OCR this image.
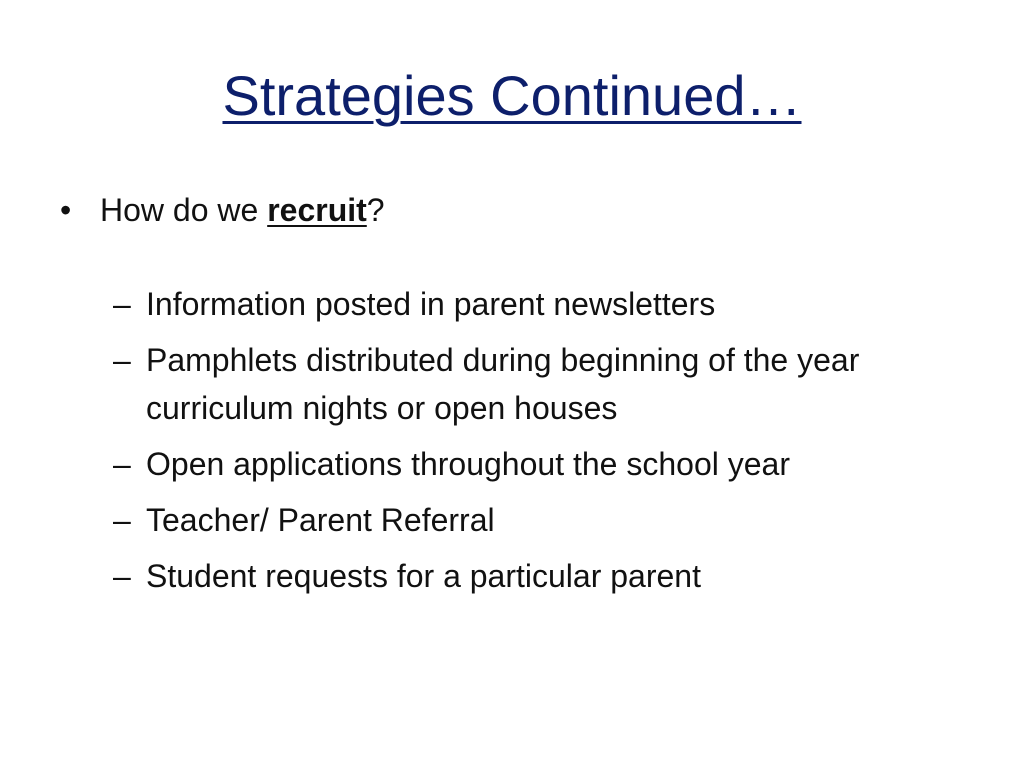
Strategies Continued…
• How do we recruit?
– Information posted in parent newsletters
– Pamphlets distributed during beginning of the year curriculum nights or open houses
– Open applications throughout the school year
– Teacher/ Parent Referral
– Student requests for a particular parent
